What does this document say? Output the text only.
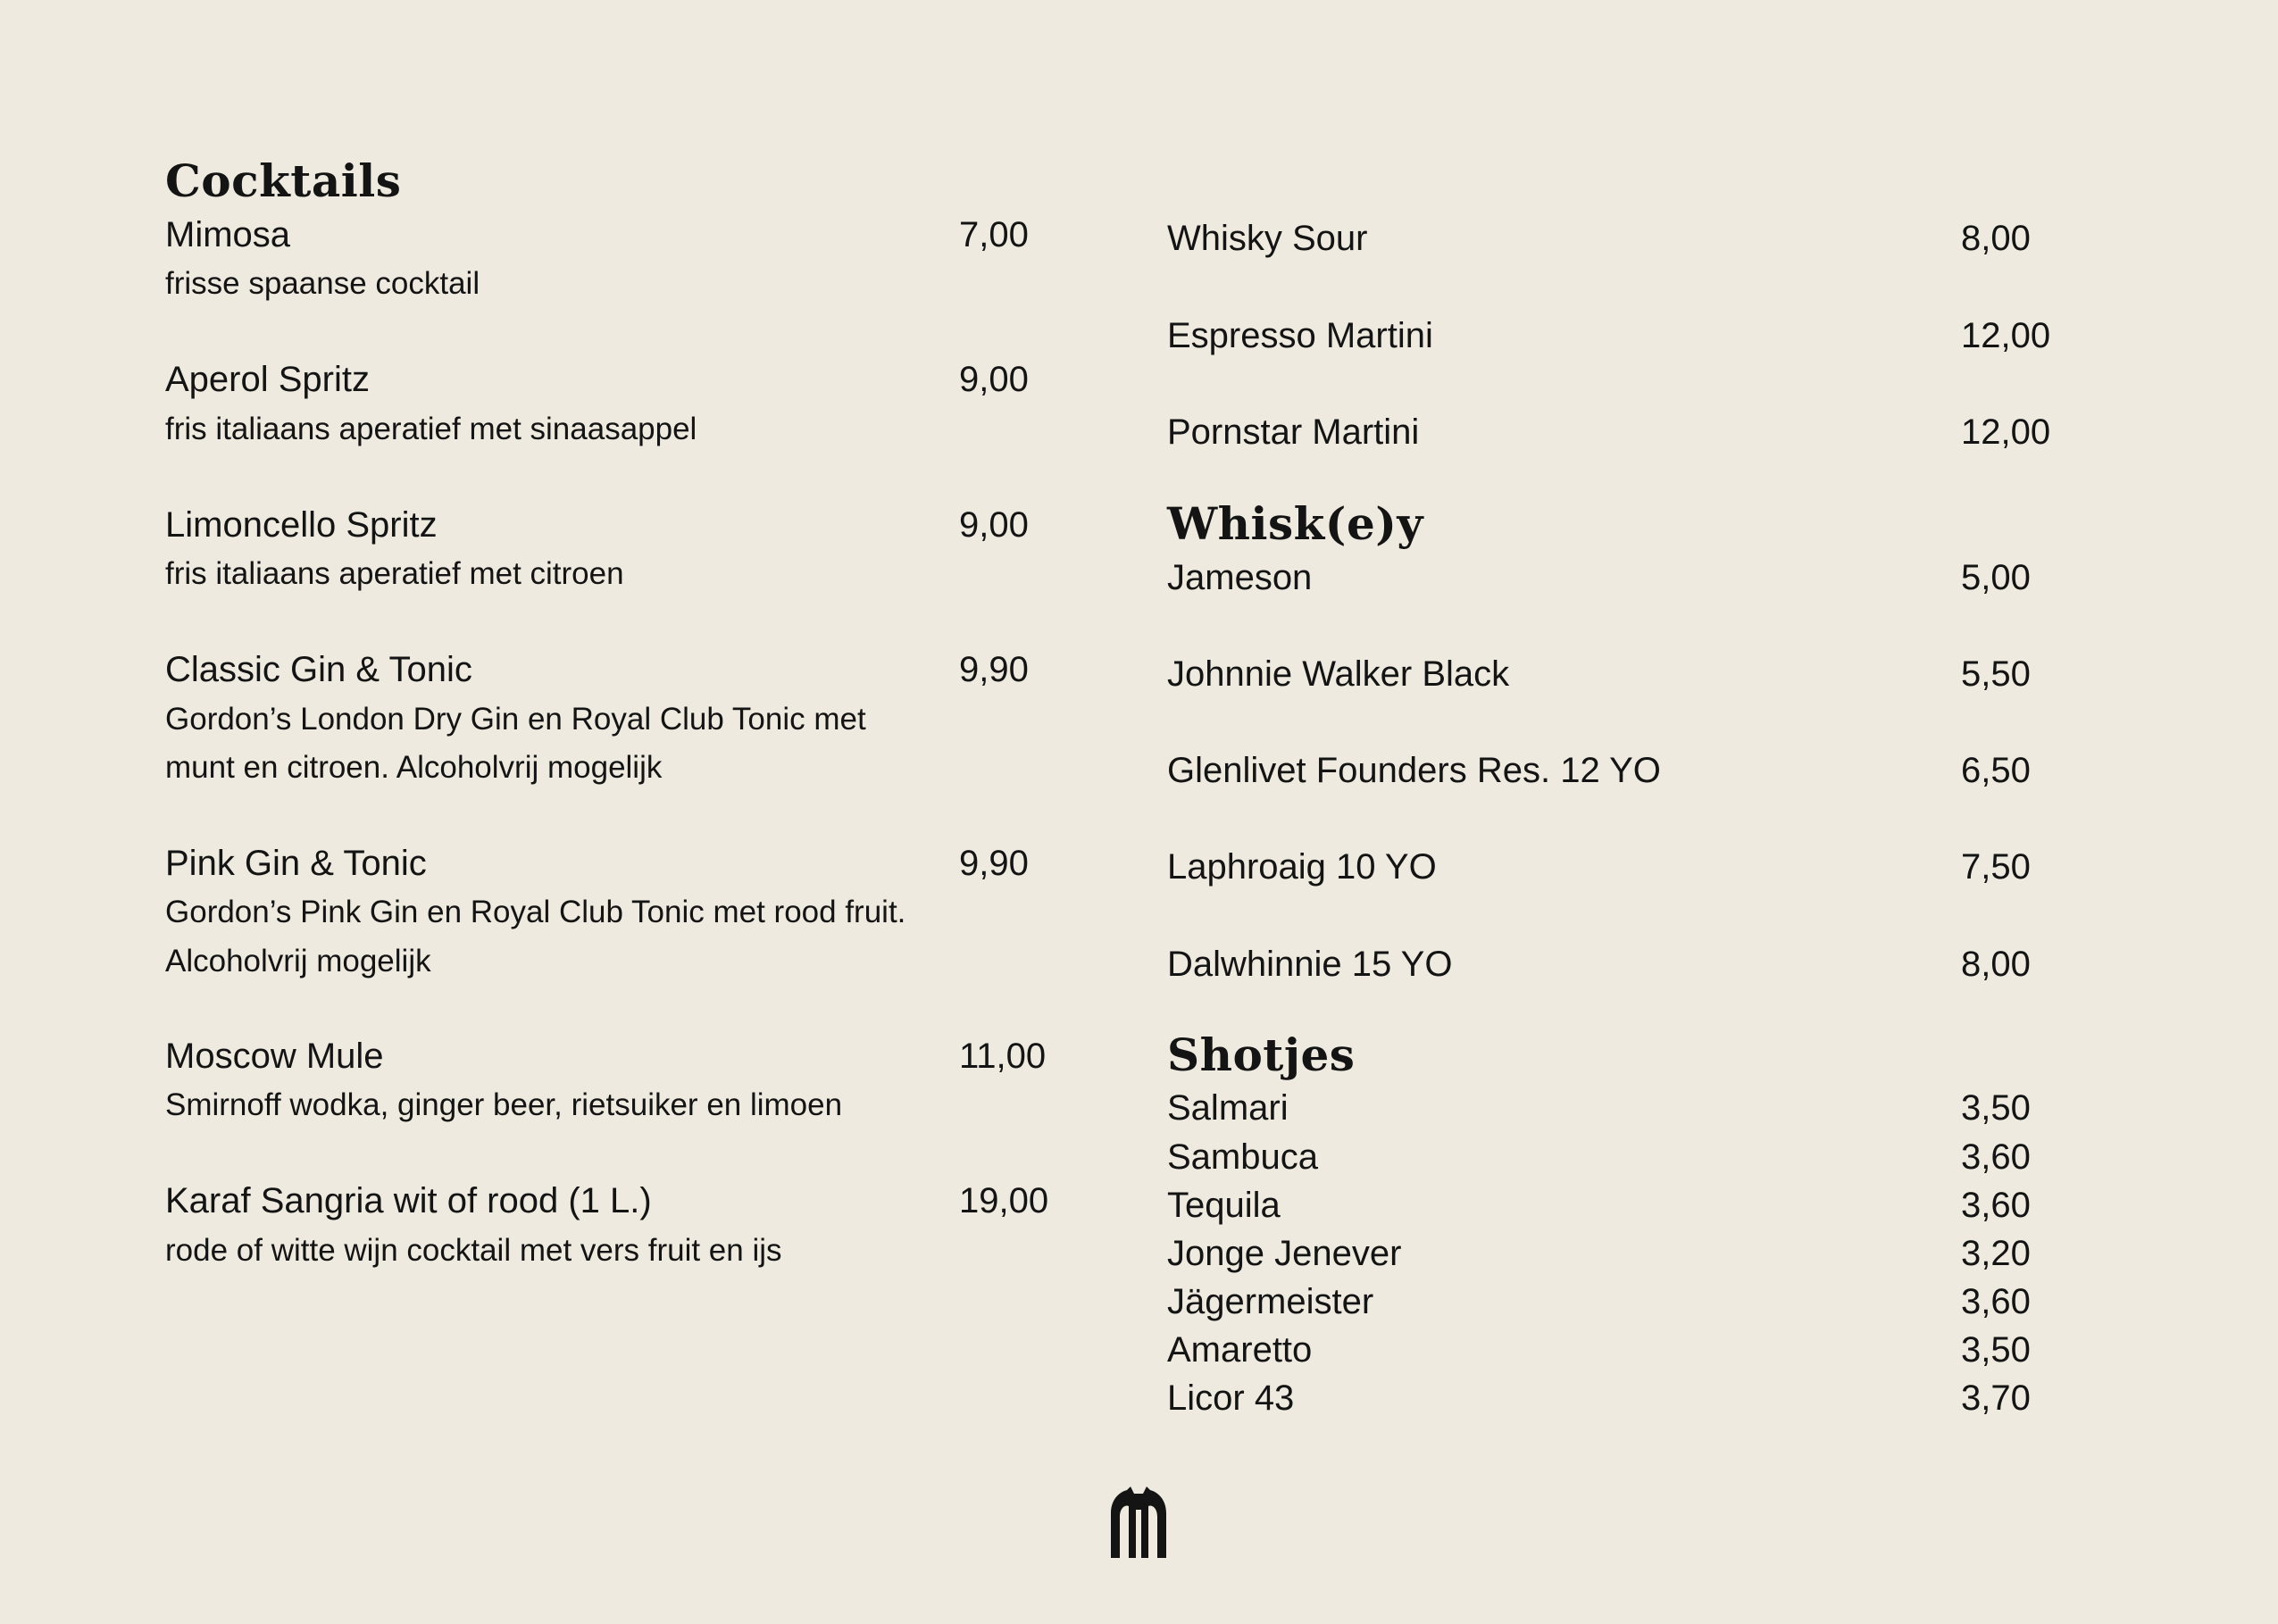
Cocktails
Mimosa	7,00
frisse spaanse cocktail
Aperol Spritz	9,00
fris italiaans aperatief met sinaasappel
Limoncello Spritz	9,00
fris italiaans aperatief met citroen
Classic Gin & Tonic	9,90
Gordon’s London Dry Gin en Royal Club Tonic met
munt en citroen. Alcoholvrij mogelijk
Pink Gin & Tonic	9,90
Gordon’s Pink Gin en Royal Club Tonic met rood fruit.
Alcoholvrij mogelijk
Moscow Mule	11,00
Smirnoff wodka, ginger beer, rietsuiker en limoen
Karaf Sangria wit of rood (1 L.)	19,00
rode of witte wijn cocktail met vers fruit en ijs
Whisky Sour	8,00
Espresso Martini	12,00
Pornstar Martini	12,00
Whisk(e)y
Jameson	5,00
Johnnie Walker Black	5,50
Glenlivet Founders Res. 12 YO	6,50
Laphroaig 10 YO	7,50
Dalwhinnie 15 YO	8,00
Shotjes
Salmari	3,50
Sambuca	3,60
Tequila	3,60
Jonge Jenever	3,20
Jägermeister	3,60
Amaretto	3,50
Licor 43	3,70
